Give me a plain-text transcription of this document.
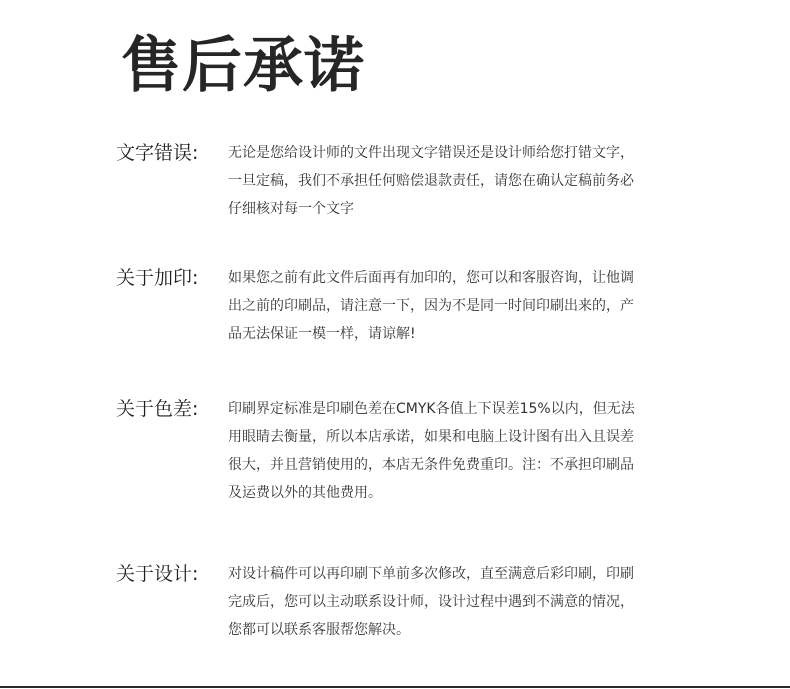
售后承诺
文字错误:	无论是您给设计师的文件出现文字错误还是设计师给您打错文字，
一旦定稿，我们不承担任何赔偿退款责任，请您在确认定稿前务必
仔细核对每一个文字
关于加印:	如果您之前有此文件后面再有加印的，您可以和客服咨询，让他调
出之前的印刷品，请注意一下，因为不是同一时间印刷出来的，产
品无法保证一模一样，请谅解!
关于色差:	印刷界定标准是印刷色差在CMYK各值上下误差15%以内，但无法
用眼睛去衡量，所以本店承诺，如果和电脑上设计图有出入且误差
很大，并且营销使用的，本店无条件免费重印。注：不承担印刷品
及运费以外的其他费用。
关于设计:	对设计稿件可以再印刷下单前多次修改，直至满意后彩印刷，印刷
完成后，您可以主动联系设计师，设计过程中遇到不满意的情况，
您都可以联系客服帮您解决。
